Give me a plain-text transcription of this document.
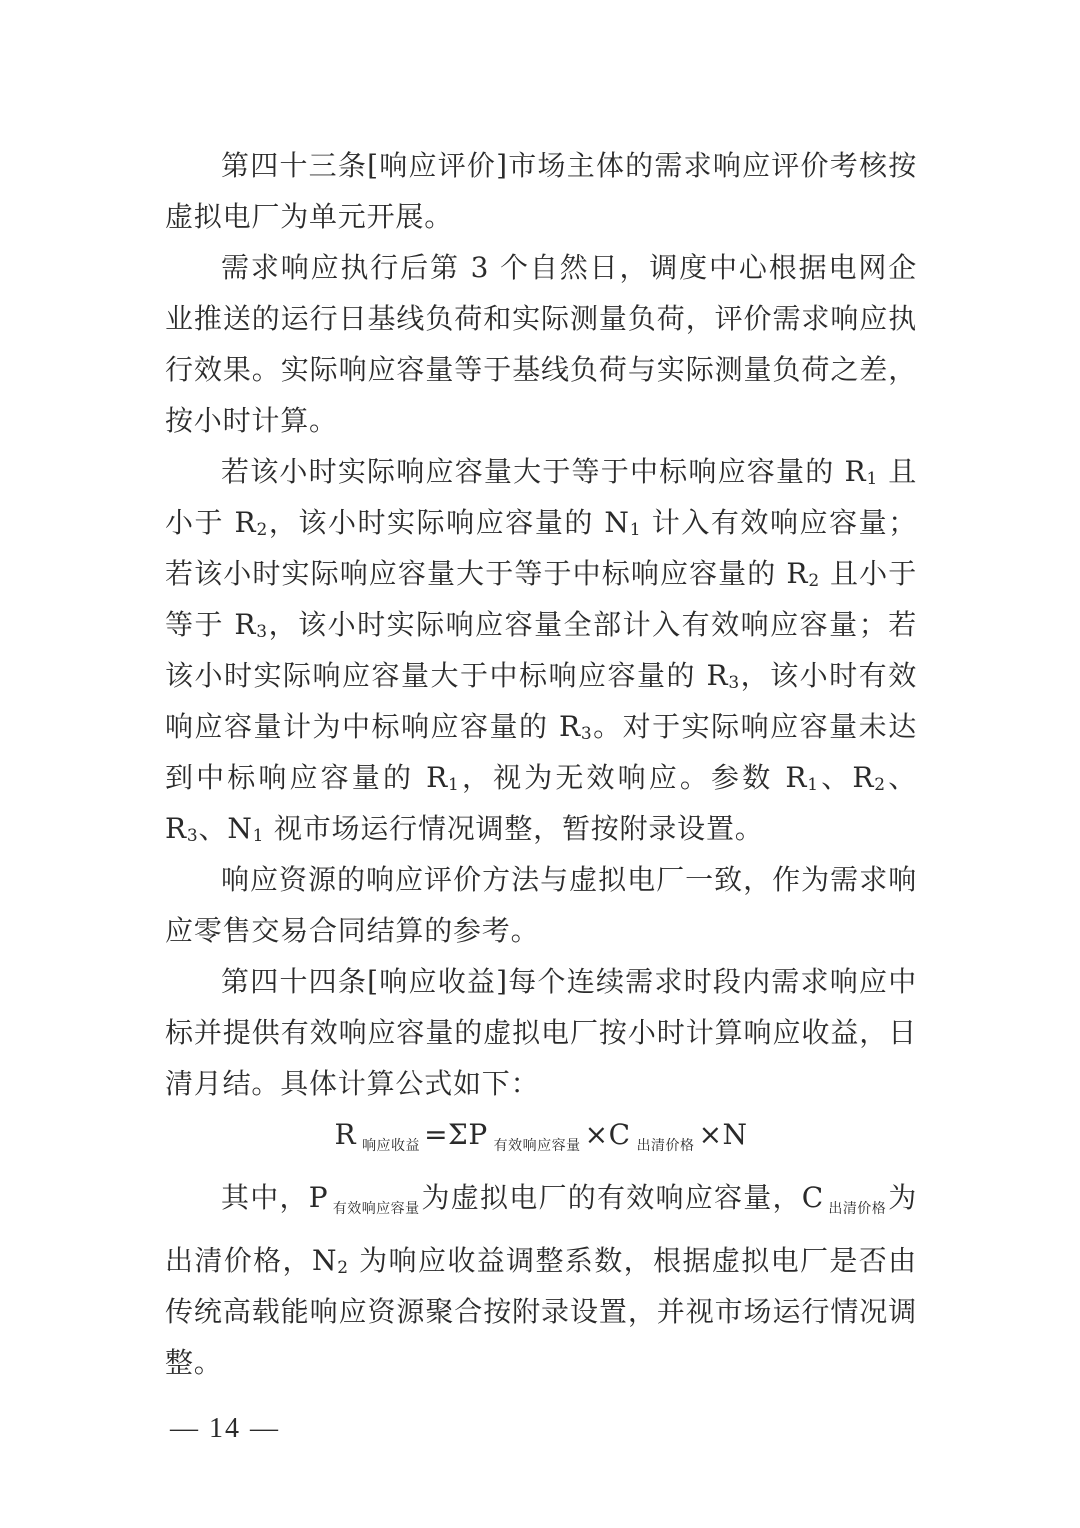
第四十三条[响应评价]市场主体的需求响应评价考核按虚拟电厂为单元开展。

需求响应执行后第 3 个自然日，调度中心根据电网企业推送的运行日基线负荷和实际测量负荷，评价需求响应执行效果。实际响应容量等于基线负荷与实际测量负荷之差，按小时计算。

若该小时实际响应容量大于等于中标响应容量的 $R_1$ 且小于 $R_2$，该小时实际响应容量的 $N_1$ 计入有效响应容量；若该小时实际响应容量大于等于中标响应容量的 $R_2$ 且小于等于 $R_3$，该小时实际响应容量全部计入有效响应容量；若该小时实际响应容量大于中标响应容量的 $R_3$，该小时有效响应容量计为中标响应容量的 $R_3$。对于实际响应容量未达到中标响应容量的 $R_1$，视为无效响应。参数 $R_1$、$R_2$、$R_3$、$N_1$ 视市场运行情况调整，暂按附录设置。

响应资源的响应评价方法与虚拟电厂一致，作为需求响应零售交易合同结算的参考。

第四十四条[响应收益]每个连续需求时段内需求响应中标并提供有效响应容量的虚拟电厂按小时计算响应收益，日清月结。具体计算公式如下：

R $_{响应收益}$ =ΣP $_{有效响应容量}$ ×C $_{出清价格}$ ×N

其中，P $_{有效响应容量}$为虚拟电厂的有效响应容量，C $_{出清价格}$为出清价格，$N_2$ 为响应收益调整系数，根据虚拟电厂是否由传统高载能响应资源聚合按附录设置，并视市场运行情况调整。

— 14 —
